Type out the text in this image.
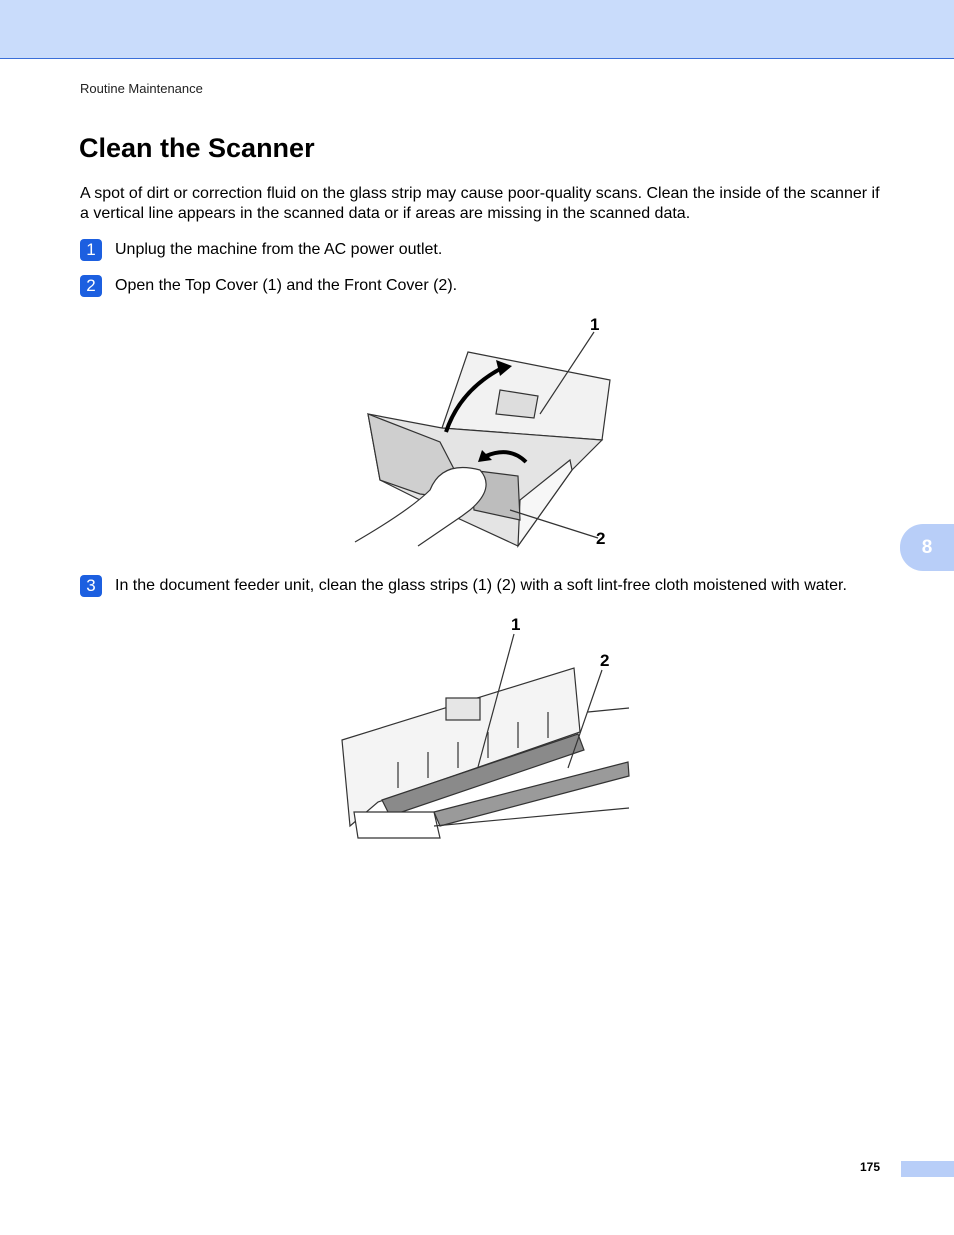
Routine Maintenance
Clean the Scanner

A spot of dirt or correction fluid on the glass strip may cause poor-quality scans. Clean the inside of the scanner if a vertical line appears in the scanned data or if areas are missing in the scanned data.

1	Unplug the machine from the AC power outlet.
2	Open the Top Cover (1) and the Front Cover (2).
1
2
3	In the document feeder unit, clean the glass strips (1) (2) with a soft lint-free cloth moistened with water.
1
2
8
175
